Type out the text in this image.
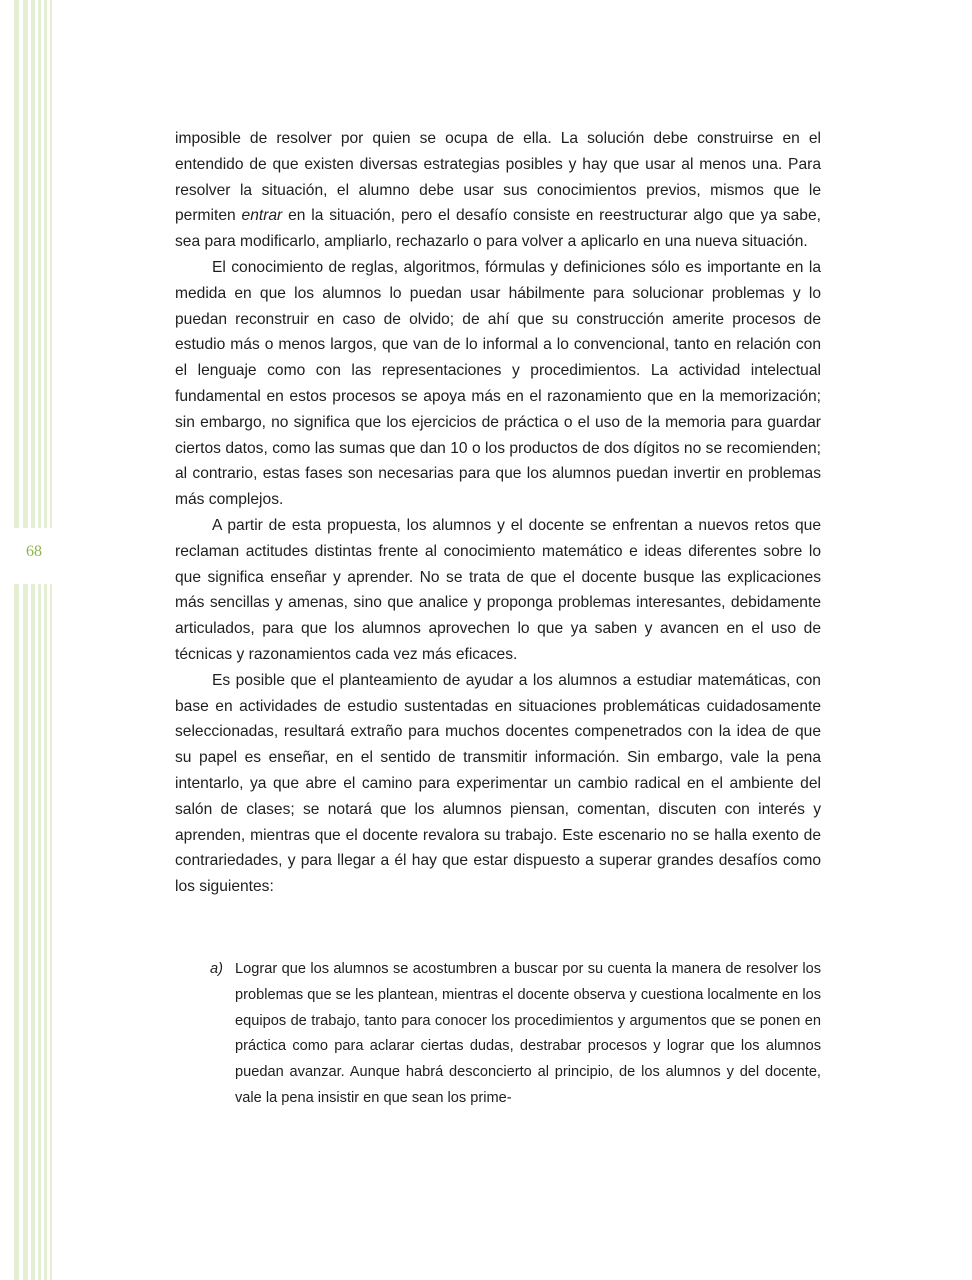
68

imposible de resolver por quien se ocupa de ella. La solución debe construirse en el entendido de que existen diversas estrategias posibles y hay que usar al menos una. Para resolver la situación, el alumno debe usar sus conocimientos previos, mismos que le permiten entrar en la situación, pero el desafío consiste en reestructurar algo que ya sabe, sea para modificarlo, ampliarlo, rechazarlo o para volver a aplicarlo en una nueva situación.

El conocimiento de reglas, algoritmos, fórmulas y definiciones sólo es importante en la medida en que los alumnos lo puedan usar hábilmente para solucionar problemas y lo puedan reconstruir en caso de olvido; de ahí que su construcción amerite procesos de estudio más o menos largos, que van de lo informal a lo convencional, tanto en relación con el lenguaje como con las representaciones y procedimientos. La actividad intelectual fundamental en estos procesos se apoya más en el razonamiento que en la memorización; sin embargo, no significa que los ejercicios de práctica o el uso de la memoria para guardar ciertos datos, como las sumas que dan 10 o los productos de dos dígitos no se recomienden; al contrario, estas fases son necesarias para que los alumnos puedan invertir en problemas más complejos.

A partir de esta propuesta, los alumnos y el docente se enfrentan a nuevos retos que reclaman actitudes distintas frente al conocimiento matemático e ideas diferentes sobre lo que significa enseñar y aprender. No se trata de que el docente busque las explicaciones más sencillas y amenas, sino que analice y proponga problemas interesantes, debidamente articulados, para que los alumnos aprovechen lo que ya saben y avancen en el uso de técnicas y razonamientos cada vez más eficaces.

Es posible que el planteamiento de ayudar a los alumnos a estudiar matemáticas, con base en actividades de estudio sustentadas en situaciones problemáticas cuidadosamente seleccionadas, resultará extraño para muchos docentes compenetrados con la idea de que su papel es enseñar, en el sentido de transmitir información. Sin embargo, vale la pena intentarlo, ya que abre el camino para experimentar un cambio radical en el ambiente del salón de clases; se notará que los alumnos piensan, comentan, discuten con interés y aprenden, mientras que el docente revalora su trabajo. Este escenario no se halla exento de contrariedades, y para llegar a él hay que estar dispuesto a superar grandes desafíos como los siguientes:

a) Lograr que los alumnos se acostumbren a buscar por su cuenta la manera de resolver los problemas que se les plantean, mientras el docente observa y cuestiona localmente en los equipos de trabajo, tanto para conocer los procedimientos y argumentos que se ponen en práctica como para aclarar ciertas dudas, destrabar procesos y lograr que los alumnos puedan avanzar. Aunque habrá desconcierto al principio, de los alumnos y del docente, vale la pena insistir en que sean los prime-
